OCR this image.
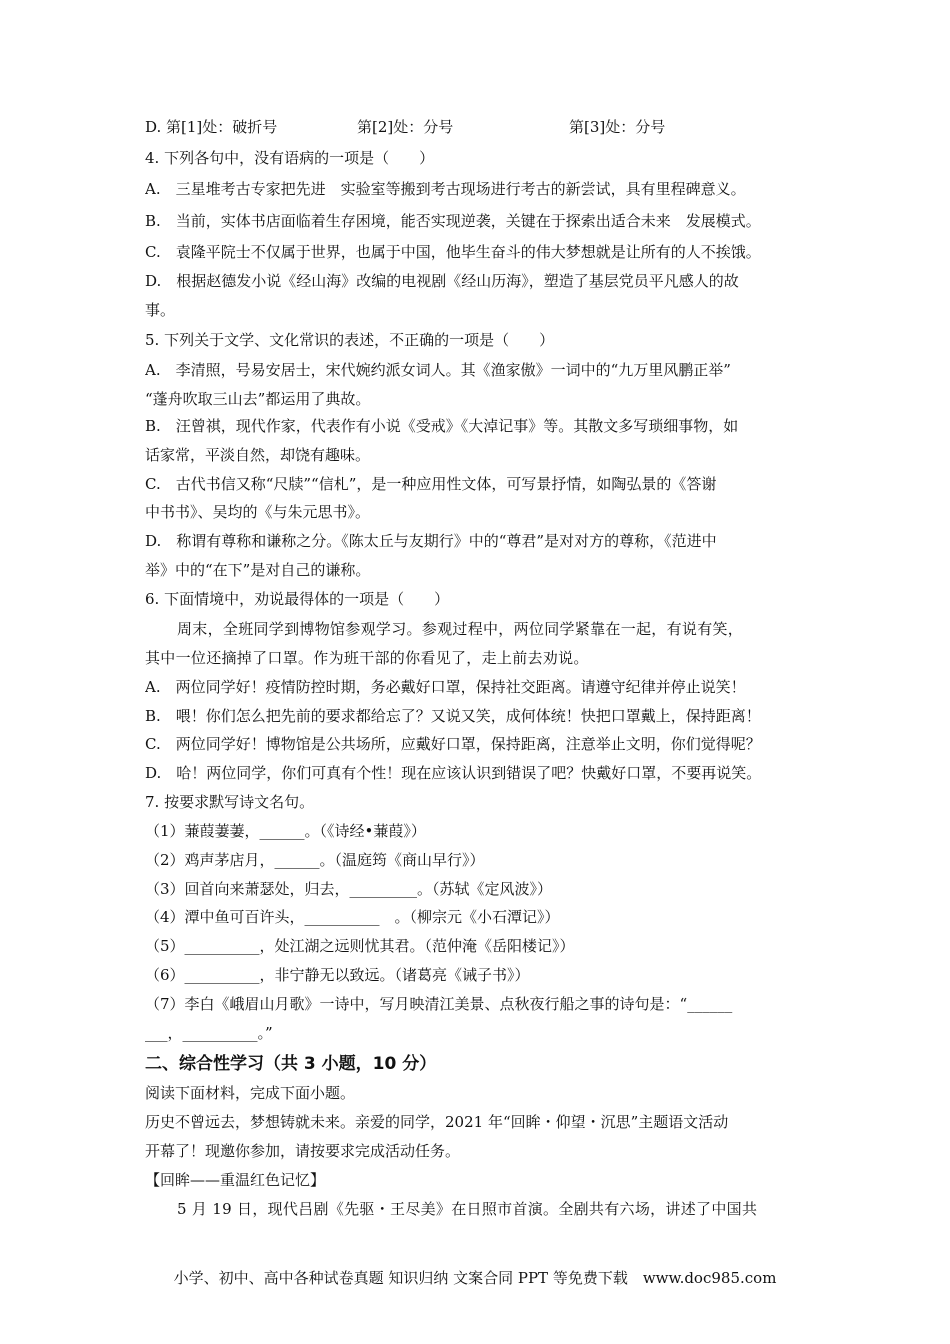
D. 第[1]处：破折号	第[2]处：分号	第[3]处：分号
4. 下列各句中，没有语病的一项是（　　）
A.　三星堆考古专家把先进　实验室等搬到考古现场进行考古的新尝试，具有里程碑意义。
B.　当前，实体书店面临着生存困境，能否实现逆袭，关键在于探索出适合未来　发展模式。
C.　袁隆平院士不仅属于世界，也属于中国，他毕生奋斗的伟大梦想就是让所有的人不挨饿。
D.　根据赵德发小说《经山海》改编的电视剧《经山历海》，塑造了基层党员平凡感人的故
事。
5. 下列关于文学、文化常识的表述，不正确的一项是（　　）
A.　李清照，号易安居士，宋代婉约派女词人。其《渔家傲》一词中的“九万里风鹏正举”
“蓬舟吹取三山去”都运用了典故。
B.　汪曾祺，现代作家，代表作有小说《受戒》《大淖记事》等。其散文多写琐细事物，如
话家常，平淡自然，却饶有趣味。
C.　古代书信又称“尺牍”“信札”，是一种应用性文体，可写景抒情，如陶弘景的《答谢
中书书》、吴均的《与朱元思书》。
D.　称谓有尊称和谦称之分。《陈太丘与友期行》中的“尊君”是对对方的尊称，《范进中
举》中的“在下”是对自己的谦称。
6. 下面情境中，劝说最得体的一项是（　　）
周末，全班同学到博物馆参观学习。参观过程中，两位同学紧靠在一起，有说有笑，
其中一位还摘掉了口罩。作为班干部的你看见了，走上前去劝说。
A.　两位同学好！疫情防控时期，务必戴好口罩，保持社交距离。请遵守纪律并停止说笑！
B.　喂！你们怎么把先前的要求都给忘了？又说又笑，成何体统！快把口罩戴上，保持距离！
C.　两位同学好！博物馆是公共场所，应戴好口罩，保持距离，注意举止文明，你们觉得呢？
D.　哈！两位同学，你们可真有个性！现在应该认识到错误了吧？快戴好口罩，不要再说笑。
7. 按要求默写诗文名句。
（1）蒹葭萋萋，______。（《诗经•蒹葭》）
（2）鸡声茅店月，______。（温庭筠《商山早行》）
（3）回首向来萧瑟处，归去，_________。（苏轼《定风波》）
（4）潭中鱼可百许头，__________　。（柳宗元《小石潭记》）
（5）__________，处江湖之远则忧其君。（范仲淹《岳阳楼记》）
（6）__________，非宁静无以致远。（诸葛亮《诫子书》）
（7）李白《峨眉山月歌》一诗中，写月映清江美景、点秋夜行船之事的诗句是：“______
___，__________。”
二、综合性学习（共 3 小题，10 分）
阅读下面材料，完成下面小题。
历史不曾远去，梦想铸就未来。亲爱的同学，2021 年“回眸・仰望・沉思”主题语文活动
开幕了！现邀你参加，请按要求完成活动任务。
【回眸——重温红色记忆】
5 月 19 日，现代吕剧《先驱・王尽美》在日照市首演。全剧共有六场，讲述了中国共
小学、初中、高中各种试卷真题 知识归纳 文案合同 PPT 等免费下载　www.doc985.com
